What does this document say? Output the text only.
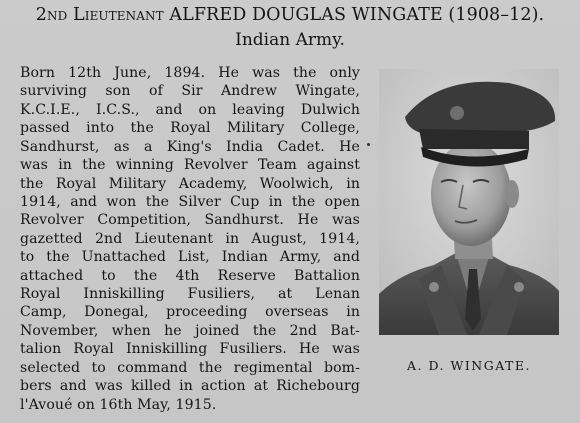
2nd Lieutenant ALFRED DOUGLAS WINGATE (1908–12).
Indian Army.
Born 12th June, 1894. He was the only
surviving son of Sir Andrew Wingate,
K.C.I.E., I.C.S., and on leaving Dulwich
passed into the Royal Military College,
Sandhurst, as a King's India Cadet. He
was in the winning Revolver Team against
the Royal Military Academy, Woolwich, in
1914, and won the Silver Cup in the open
Revolver Competition, Sandhurst. He was
gazetted 2nd Lieutenant in August, 1914,
to the Unattached List, Indian Army, and
attached to the 4th Reserve Battalion
Royal Inniskilling Fusiliers, at Lenan
Camp, Donegal, proceeding overseas in
November, when he joined the 2nd Bat-
talion Royal Inniskilling Fusiliers. He was
selected to command the regimental bom-
bers and was killed in action at Richebourg
l'Avoué on 16th May, 1915.
A. D. WINGATE.
